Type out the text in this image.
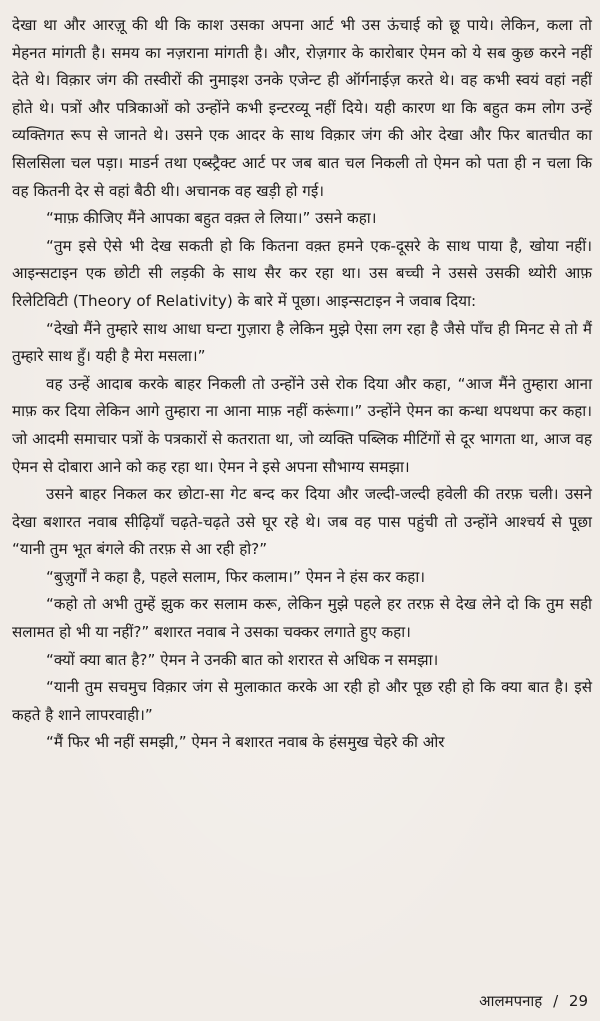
देखा था और आरज़ू की थी कि काश उसका अपना आर्ट भी उस ऊंचाई को छू पाये। लेकिन, कला तो मेहनत मांगती है। समय का नज़राना मांगती है। और, रोज़गार के कारोबार ऐमन को ये सब कुछ करने नहीं देते थे। विक़ार जंग की तस्वीरों की नुमाइश उनके एजेन्ट ही ऑर्गनाईज़ करते थे। वह कभी स्वयं वहां नहीं होते थे। पत्रों और पत्रिकाओं को उन्होंने कभी इन्टरव्यू नहीं दिये। यही कारण था कि बहुत कम लोग उन्हें व्यक्तिगत रूप से जानते थे। उसने एक आदर के साथ विक़ार जंग की ओर देखा और फिर बातचीत का सिलसिला चल पड़ा। माडर्न तथा एब्स्ट्रैक्ट आर्ट पर जब बात चल निकली तो ऐमन को पता ही न चला कि वह कितनी देर से वहां बैठी थी। अचानक वह खड़ी हो गई।

“माफ़ कीजिए मैंने आपका बहुत वक़्त ले लिया।” उसने कहा।

“तुम इसे ऐसे भी देख सकती हो कि कितना वक़्त हमने एक-दूसरे के साथ पाया है, खोया नहीं। आइन्सटाइन एक छोटी सी लड़की के साथ सैर कर रहा था। उस बच्ची ने उससे उसकी थ्योरी आफ़ रिलेटिविटी (Theory of Relativity) के बारे में पूछा। आइन्सटाइन ने जवाब दिया:

“देखो मैंने तुम्हारे साथ आधा घन्टा गुज़ारा है लेकिन मुझे ऐसा लग रहा है जैसे पाँच ही मिनट से तो मैं तुम्हारे साथ हुँ। यही है मेरा मसला।”

वह उन्हें आदाब करके बाहर निकली तो उन्होंने उसे रोक दिया और कहा, “आज मैंने तुम्हारा आना माफ़ कर दिया लेकिन आगे तुम्हारा ना आना माफ़ नहीं करूंगा।” उन्होंने ऐमन का कन्धा थपथपा कर कहा। जो आदमी समाचार पत्रों के पत्रकारों से कतराता था, जो व्यक्ति पब्लिक मीटिंगों से दूर भागता था, आज वह ऐमन से दोबारा आने को कह रहा था। ऐमन ने इसे अपना सौभाग्य समझा।

उसने बाहर निकल कर छोटा-सा गेट बन्द कर दिया और जल्दी-जल्दी हवेली की तरफ़ चली। उसने देखा बशारत नवाब सीढ़ियाँ चढ़ते-चढ़ते उसे घूर रहे थे। जब वह पास पहुंची तो उन्होंने आश्चर्य से पूछा “यानी तुम भूत बंगले की तरफ़ से आ रही हो?”

“बुज़ुर्गों ने कहा है, पहले सलाम, फिर कलाम।” ऐमन ने हंस कर कहा।

“कहो तो अभी तुम्हें झुक कर सलाम करू, लेकिन मुझे पहले हर तरफ़ से देख लेने दो कि तुम सही सलामत हो भी या नहीं?” बशारत नवाब ने उसका चक्कर लगाते हुए कहा।

“क्यों क्या बात है?” ऐमन ने उनकी बात को शरारत से अधिक न समझा।

“यानी तुम सचमुच विक़ार जंग से मुलाकात करके आ रही हो और पूछ रही हो कि क्या बात है। इसे कहते है शाने लापरवाही।”

“मैं फिर भी नहीं समझी,” ऐमन ने बशारत नवाब के हंसमुख चेहरे की ओर

आलमपनाह / 29
